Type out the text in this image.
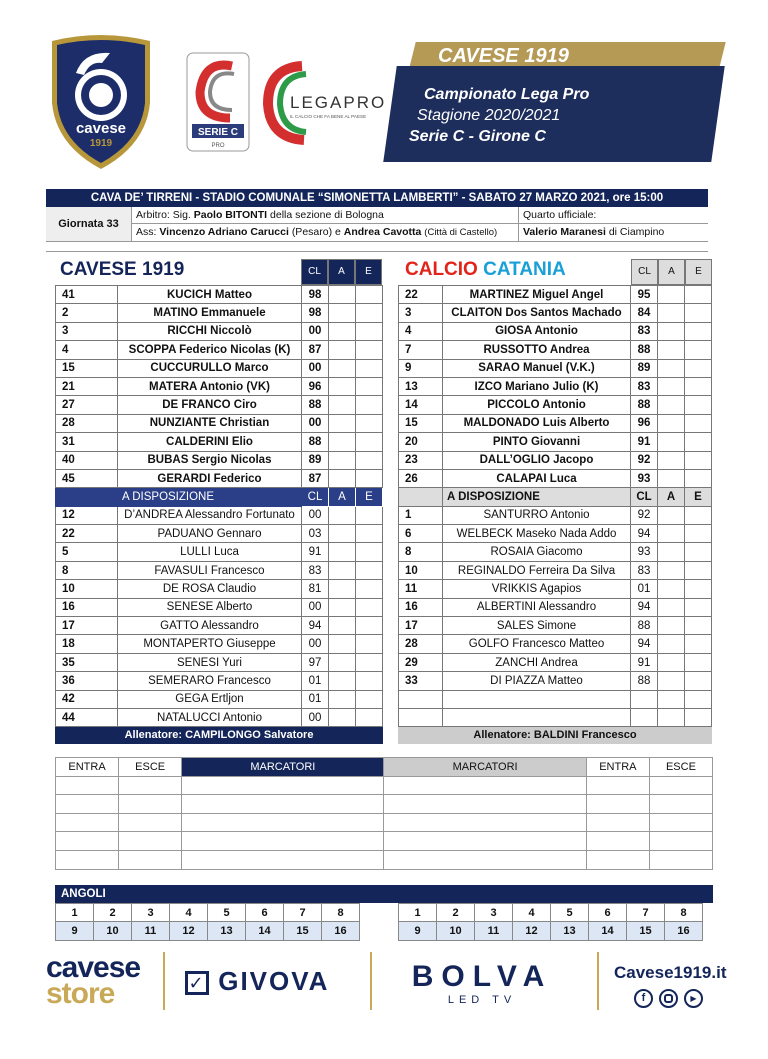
cavese
1919
SERIE C
PRO
LEGAPRO
IL CALCIO CHE FA BENE AL PAESE
CAVESE 1919
Campionato Lega Pro
Stagione 2020/2021
Serie C - Girone C
CAVA DE’ TIRRENI - STADIO COMUNALE “SIMONETTA LAMBERTI” - SABATO 27 MARZO 2021, ore 15:00
Giornata 33
Arbitro: Sig. Paolo BITONTI della sezione di Bologna
Ass: Vincenzo Adriano Carucci (Pesaro) e Andrea Cavotta (Città di Castello)
Quarto ufficiale:
Valerio Maranesi di Ciampino
CAVESE 1919	CL	A	E
41	KUCICH Matteo	98		
2	MATINO Emmanuele	98		
3	RICCHI Niccolò	00		
4	SCOPPA Federico Nicolas (K)	87		
15	CUCCURULLO Marco	00		
21	MATERA Antonio (VK)	96		
27	DE FRANCO Ciro	88		
28	NUNZIANTE Christian	00		
31	CALDERINI Elio	88		
40	BUBAS Sergio Nicolas	89		
45	GERARDI Federico	87		
	A DISPOSIZIONE	CL	A	E
12	D’ANDREA Alessandro Fortunato	00		
22	PADUANO Gennaro	03		
5	LULLI Luca	91		
8	FAVASULI Francesco	83		
10	DE ROSA Claudio	81		
16	SENESE Alberto	00		
17	GATTO Alessandro	94		
18	MONTAPERTO Giuseppe	00		
35	SENESI Yuri	97		
36	SEMERARO Francesco	01		
42	GEGA Ertljon	01		
44	NATALUCCI Antonio	00		
CALCIO CATANIA	CL	A	E
22	MARTINEZ Miguel Angel	95		
3	CLAITON Dos Santos Machado	84		
4	GIOSA Antonio	83		
7	RUSSOTTO Andrea	88		
9	SARAO Manuel (V.K.)	89		
13	IZCO Mariano Julio (K)	83		
14	PICCOLO Antonio	88		
15	MALDONADO Luis Alberto	96		
20	PINTO Giovanni	91		
23	DALL’OGLIO Jacopo	92		
26	CALAPAI Luca	93		
	A DISPOSIZIONE	CL	A	E
1	SANTURRO Antonio	92		
6	WELBECK Maseko Nada Addo	94		
8	ROSAIA Giacomo	93		
10	REGINALDO Ferreira Da Silva	83		
11	VRIKKIS Agapios	01		
16	ALBERTINI Alessandro	94		
17	SALES Simone	88		
28	GOLFO Francesco Matteo	94		
29	ZANCHI Andrea	91		
33	DI PIAZZA Matteo	88		

Allenatore: CAMPILONGO Salvatore	Allenatore: BALDINI Francesco
ENTRA	ESCE	MARCATORI	MARCATORI	ENTRA	ESCE

ANGOLI
1	2	3	4	5	6	7	8
9	10	11	12	13	14	15	16
1	2	3	4	5	6	7	8
9	10	11	12	13	14	15	16
cavese
store	✓ GIVOVA	BOLVA
LED TV
Cavese1919.it
f	▶
